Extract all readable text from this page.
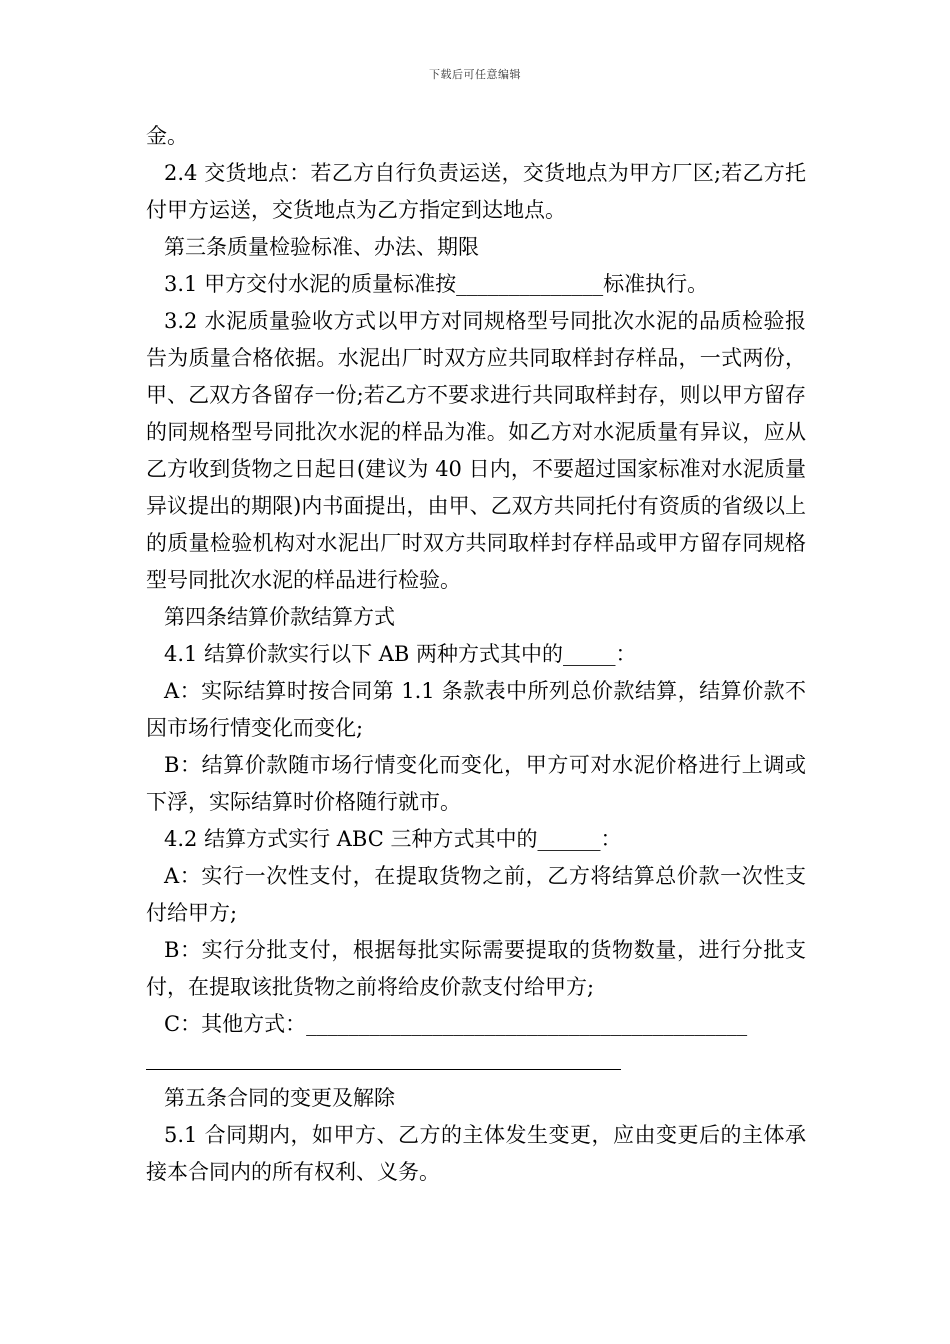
下载后可任意编辑

金。

2.4 交货地点：若乙方自行负责运送，交货地点为甲方厂区;若乙方托付甲方运送，交货地点为乙方指定到达地点。

第三条质量检验标准、办法、期限

3.1 甲方交付水泥的质量标准按______________标准执行。

3.2 水泥质量验收方式以甲方对同规格型号同批次水泥的品质检验报告为质量合格依据。水泥出厂时双方应共同取样封存样品，一式两份，甲、乙双方各留存一份;若乙方不要求进行共同取样封存，则以甲方留存的同规格型号同批次水泥的样品为准。如乙方对水泥质量有异议，应从乙方收到货物之日起日(建议为 40 日内，不要超过国家标准对水泥质量异议提出的期限)内书面提出，由甲、乙双方共同托付有资质的省级以上的质量检验机构对水泥出厂时双方共同取样封存样品或甲方留存同规格型号同批次水泥的样品进行检验。

第四条结算价款结算方式

4.1 结算价款实行以下 AB 两种方式其中的_____：

A：实际结算时按合同第 1.1 条款表中所列总价款结算，结算价款不因市场行情变化而变化;

B：结算价款随市场行情变化而变化，甲方可对水泥价格进行上调或下浮，实际结算时价格随行就市。

4.2 结算方式实行 ABC 三种方式其中的______：

A：实行一次性支付，在提取货物之前，乙方将结算总价款一次性支付给甲方;

B：实行分批支付，根据每批实际需要提取的货物数量，进行分批支付，在提取该批货物之前将给皮价款支付给甲方;

C：其他方式：__________________________________________

第五条合同的变更及解除

5.1 合同期内，如甲方、乙方的主体发生变更，应由变更后的主体承接本合同内的所有权利、义务。
